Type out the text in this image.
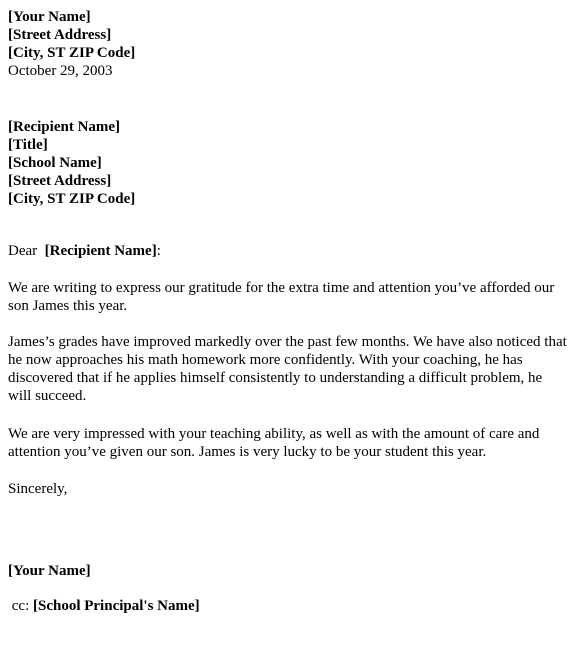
[Your Name]
[Street Address]
[City, ST ZIP Code]
October 29, 2003
[Recipient Name]
[Title]
[School Name]
[Street Address]
[City, ST ZIP Code]
Dear  [Recipient Name]:

We are writing to express our gratitude for the extra time and attention you’ve afforded our son James this year.

James’s grades have improved markedly over the past few months. We have also noticed that he now approaches his math homework more confidently. With your coaching, he has discovered that if he applies himself consistently to understanding a difficult problem, he will succeed.

We are very impressed with your teaching ability, as well as with the amount of care and attention you’ve given our son. James is very lucky to be your student this year.

Sincerely,
[Your Name]
cc: [School Principal's Name]
